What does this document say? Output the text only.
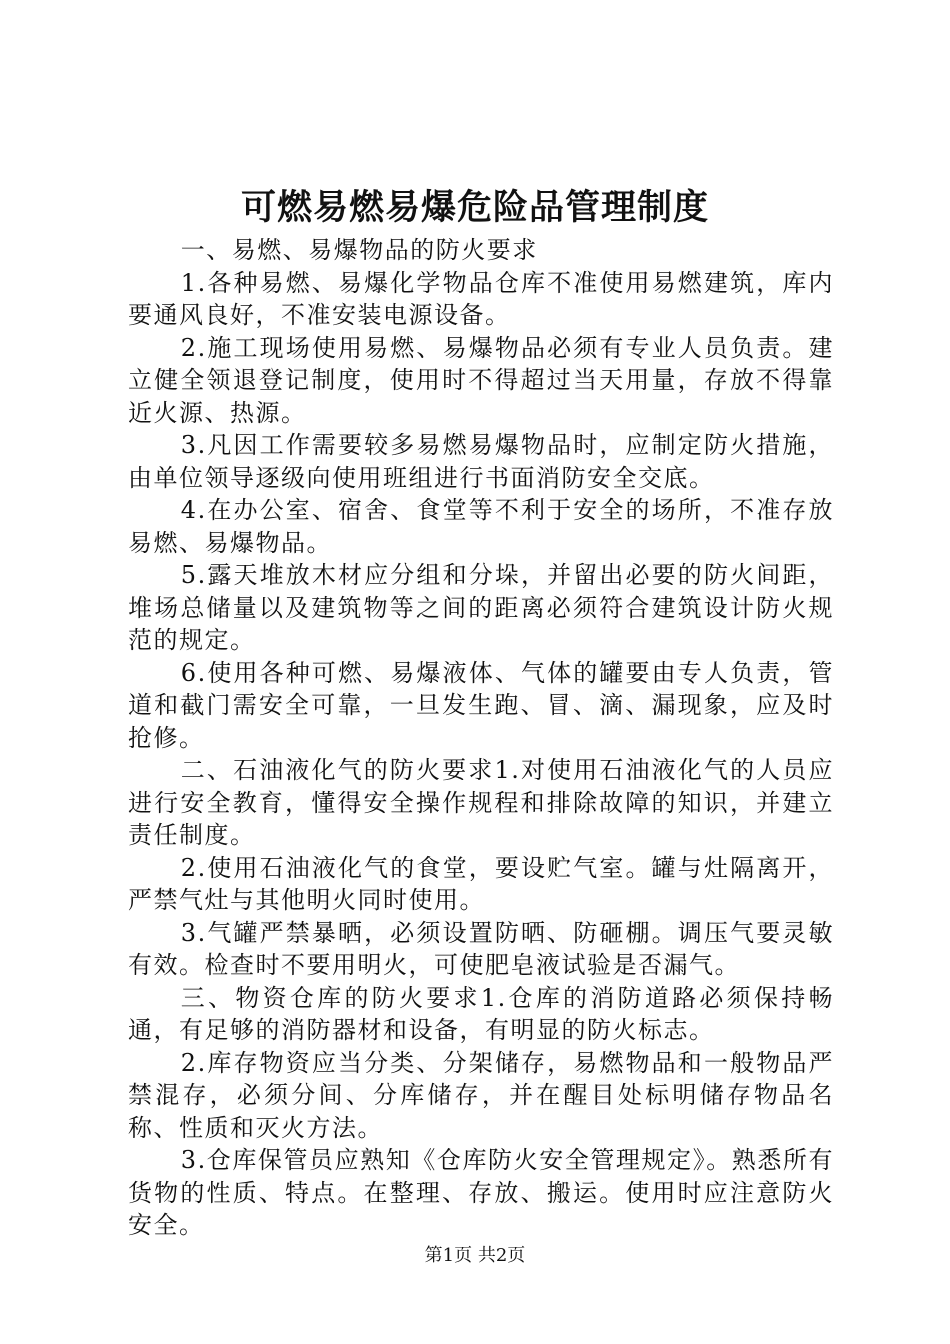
可燃易燃易爆危险品管理制度

一、易燃、易爆物品的防火要求

1.各种易燃、易爆化学物品仓库不准使用易燃建筑，库内要通风良好，不准安装电源设备。

2.施工现场使用易燃、易爆物品必须有专业人员负责。建立健全领退登记制度，使用时不得超过当天用量，存放不得靠近火源、热源。

3.凡因工作需要较多易燃易爆物品时，应制定防火措施，由单位领导逐级向使用班组进行书面消防安全交底。

4.在办公室、宿舍、食堂等不利于安全的场所，不准存放易燃、易爆物品。

5.露天堆放木材应分组和分垛，并留出必要的防火间距，堆场总储量以及建筑物等之间的距离必须符合建筑设计防火规范的规定。

6.使用各种可燃、易爆液体、气体的罐要由专人负责，管道和截门需安全可靠，一旦发生跑、冒、滴、漏现象，应及时抢修。

二、石油液化气的防火要求1.对使用石油液化气的人员应进行安全教育，懂得安全操作规程和排除故障的知识，并建立责任制度。

2.使用石油液化气的食堂，要设贮气室。罐与灶隔离开，严禁气灶与其他明火同时使用。

3.气罐严禁暴晒，必须设置防晒、防砸棚。调压气要灵敏有效。检查时不要用明火，可使肥皂液试验是否漏气。

三、物资仓库的防火要求1.仓库的消防道路必须保持畅通，有足够的消防器材和设备，有明显的防火标志。

2.库存物资应当分类、分架储存，易燃物品和一般物品严禁混存，必须分间、分库储存，并在醒目处标明储存物品名称、性质和灭火方法。

3.仓库保管员应熟知《仓库防火安全管理规定》。熟悉所有货物的性质、特点。在整理、存放、搬运。使用时应注意防火安全。

第1页 共2页
